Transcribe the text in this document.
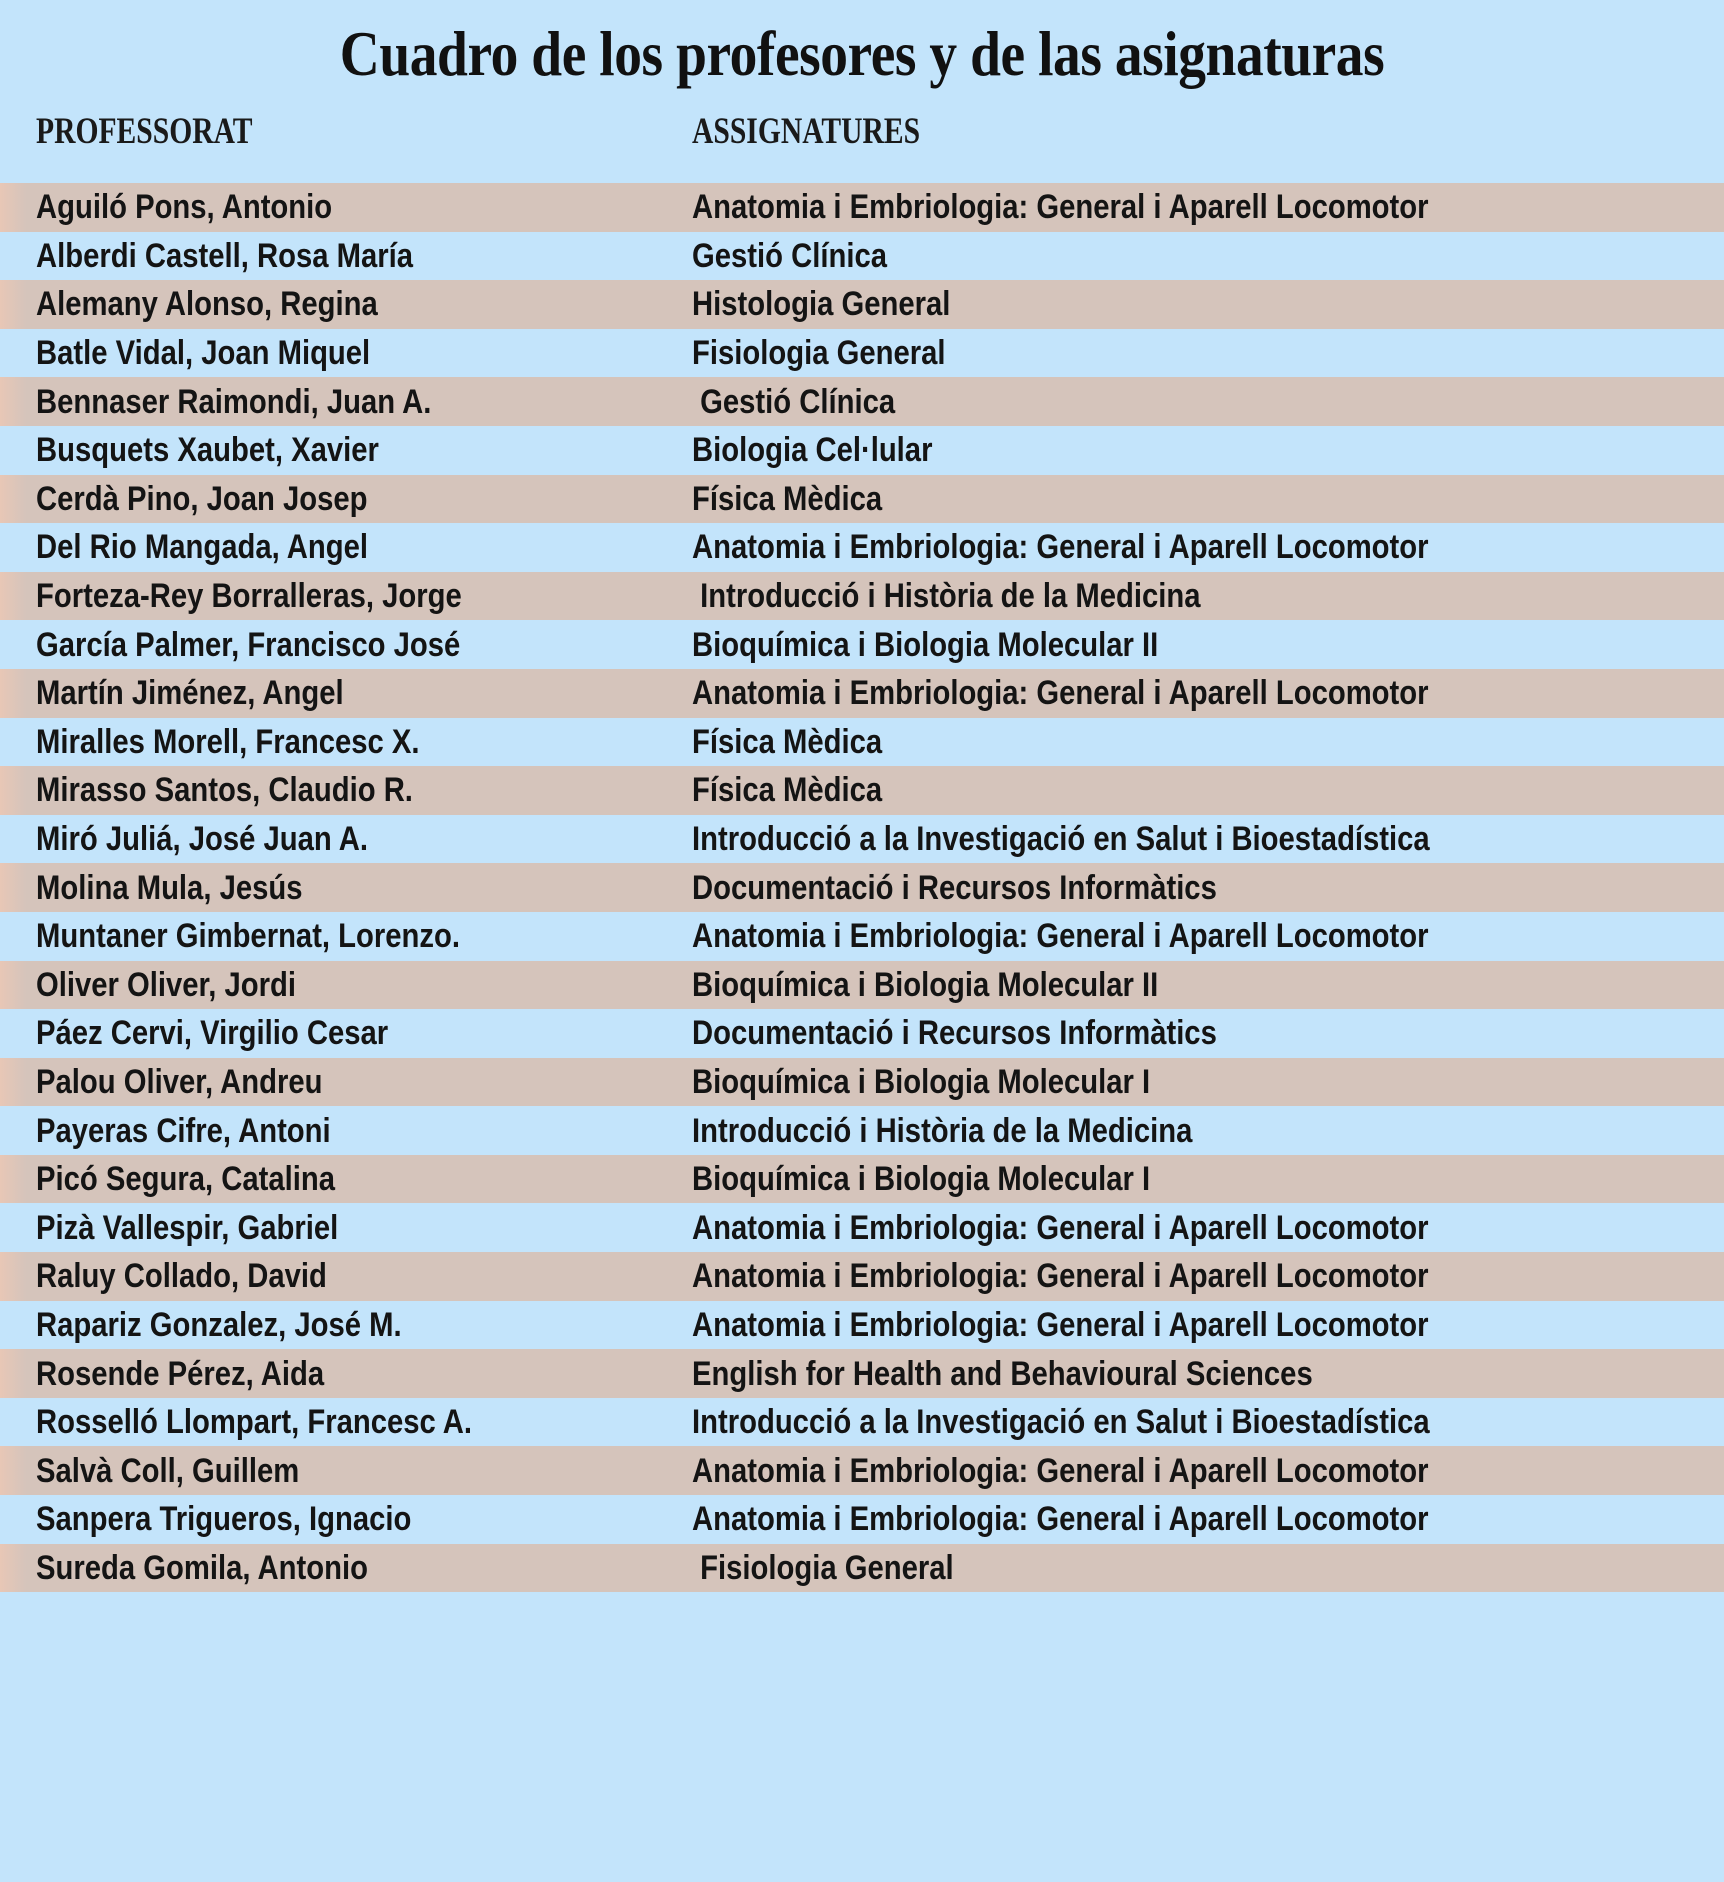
Cuadro de los profesores y de las asignaturas
PROFESSORAT	ASSIGNATURES
Aguiló Pons, Antonio	Anatomia i Embriologia: General i Aparell Locomotor
Alberdi Castell, Rosa María	Gestió Clínica
Alemany Alonso, Regina	Histologia General
Batle Vidal, Joan Miquel	Fisiologia General
Bennaser Raimondi, Juan A.	Gestió Clínica
Busquets Xaubet, Xavier	Biologia Cel·lular
Cerdà Pino, Joan Josep	Física Mèdica
Del Rio Mangada, Angel	Anatomia i Embriologia: General i Aparell Locomotor
Forteza-Rey Borralleras, Jorge	Introducció i Història de la Medicina
García Palmer, Francisco José	Bioquímica i Biologia Molecular II
Martín Jiménez, Angel	Anatomia i Embriologia: General i Aparell Locomotor
Miralles Morell, Francesc X.	Física Mèdica
Mirasso Santos, Claudio R.	Física Mèdica
Miró Juliá, José Juan A.	Introducció a la Investigació en Salut i Bioestadística
Molina Mula, Jesús	Documentació i Recursos Informàtics
Muntaner Gimbernat, Lorenzo.	Anatomia i Embriologia: General i Aparell Locomotor
Oliver Oliver, Jordi	Bioquímica i Biologia Molecular II
Páez Cervi, Virgilio Cesar	Documentació i Recursos Informàtics
Palou Oliver, Andreu	Bioquímica i Biologia Molecular I
Payeras Cifre, Antoni	Introducció i Història de la Medicina
Picó Segura, Catalina	Bioquímica i Biologia Molecular I
Pizà Vallespir, Gabriel	Anatomia i Embriologia: General i Aparell Locomotor
Raluy Collado, David	Anatomia i Embriologia: General i Aparell Locomotor
Rapariz Gonzalez, José M.	Anatomia i Embriologia: General i Aparell Locomotor
Rosende Pérez, Aida	English for Health and Behavioural Sciences
Rosselló Llompart, Francesc A.	Introducció a la Investigació en Salut i Bioestadística
Salvà Coll, Guillem	Anatomia i Embriologia: General i Aparell Locomotor
Sanpera Trigueros, Ignacio	Anatomia i Embriologia: General i Aparell Locomotor
Sureda Gomila, Antonio	Fisiologia General
